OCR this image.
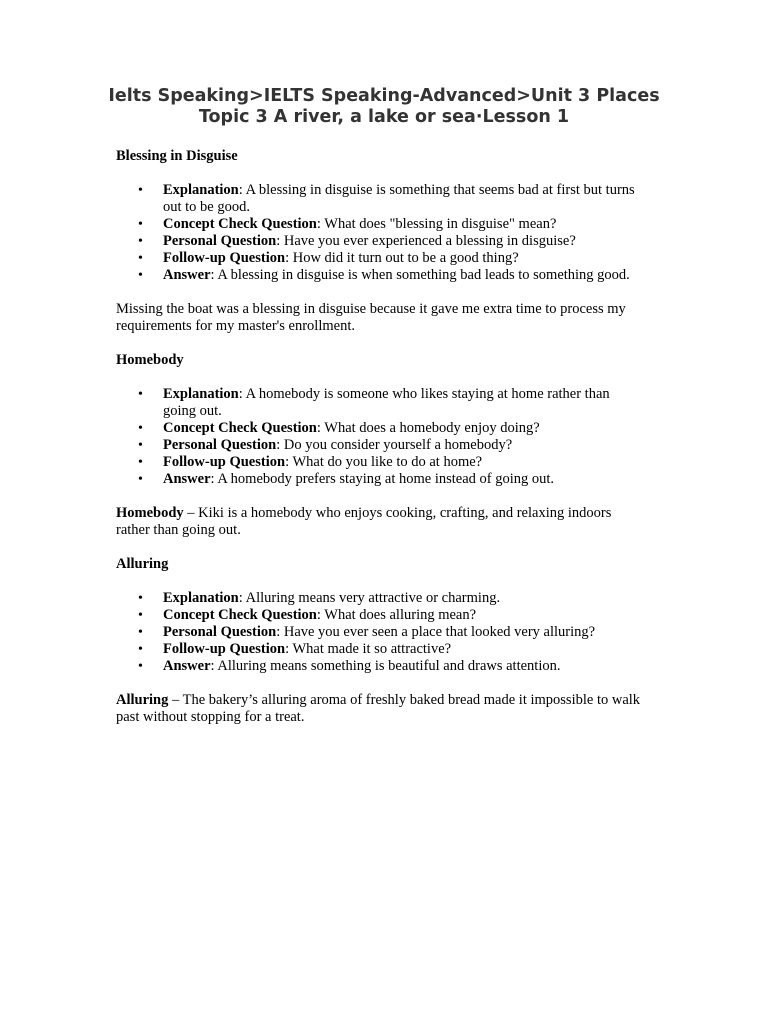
Ielts Speaking>IELTS Speaking-Advanced>Unit 3 Places Topic 3 A river, a lake or sea·Lesson 1
Blessing in Disguise
• Explanation: A blessing in disguise is something that seems bad at first but turns out to be good.
• Concept Check Question: What does "blessing in disguise" mean?
• Personal Question: Have you ever experienced a blessing in disguise?
• Follow-up Question: How did it turn out to be a good thing?
• Answer: A blessing in disguise is when something bad leads to something good.

Missing the boat was a blessing in disguise because it gave me extra time to process my requirements for my master's enrollment.

Homebody
• Explanation: A homebody is someone who likes staying at home rather than going out.
• Concept Check Question: What does a homebody enjoy doing?
• Personal Question: Do you consider yourself a homebody?
• Follow-up Question: What do you like to do at home?
• Answer: A homebody prefers staying at home instead of going out.

Homebody – Kiki is a homebody who enjoys cooking, crafting, and relaxing indoors rather than going out.

Alluring
• Explanation: Alluring means very attractive or charming.
• Concept Check Question: What does alluring mean?
• Personal Question: Have you ever seen a place that looked very alluring?
• Follow-up Question: What made it so attractive?
• Answer: Alluring means something is beautiful and draws attention.

Alluring – The bakery’s alluring aroma of freshly baked bread made it impossible to walk past without stopping for a treat.
